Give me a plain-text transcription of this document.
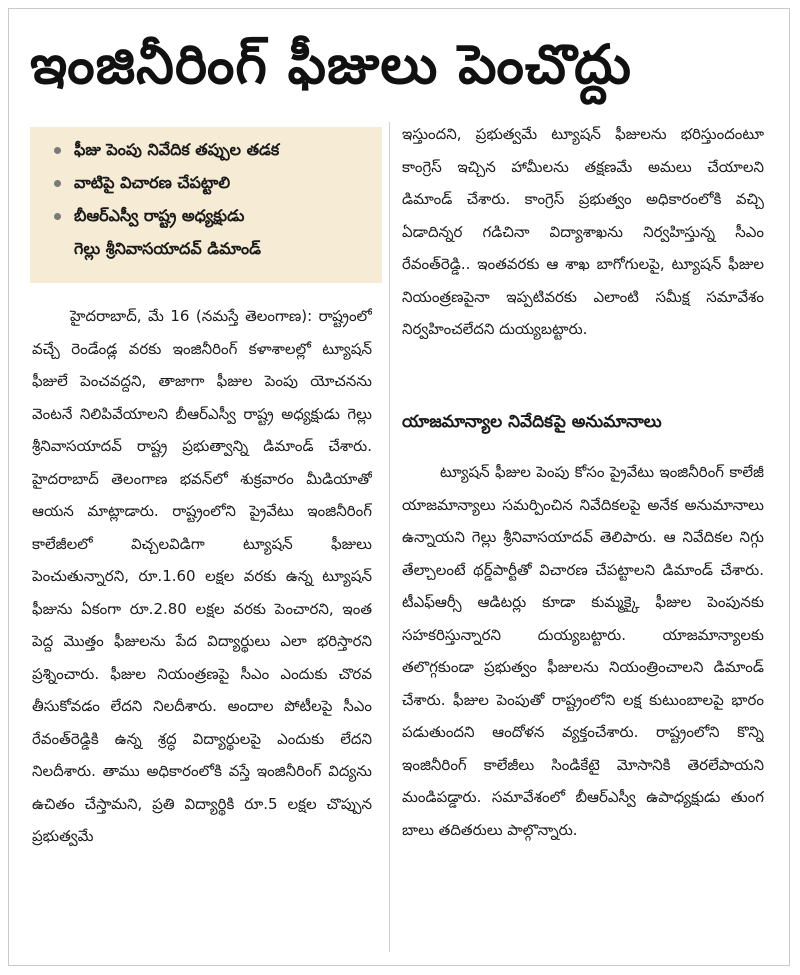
ఇంజినీరింగ్ ఫీజులు పెంచొద్దు
ఫీజు పెంపు నివేదిక తప్పుల తడక
వాటిపై విచారణ చేపట్టాలి
బీఆర్ఎస్వీ రాష్ట్ర అధ్యక్షుడు
గెల్లు శ్రీనివాసయాదవ్ డిమాండ్

హైదరాబాద్, మే 16 (నమస్తే తెలంగాణ): రాష్ట్రంలో వచ్చే రెండేండ్ల వరకు ఇంజినీరింగ్ కళాశాలల్లో ట్యూషన్ ఫీజులే పెంచవద్దని, తాజాగా ఫీజుల పెంపు యోచనను వెంటనే నిలిపివేయాలని బీఆర్ఎస్వీ రాష్ట్ర అధ్యక్షుడు గెల్లు శ్రీనివాసయాదవ్ రాష్ట్ర ప్రభుత్వాన్ని డిమాండ్ చేశారు. హైదరాబాద్ తెలంగాణ భవన్‌లో శుక్రవారం మీడియాతో ఆయన మాట్లాడారు. రాష్ట్రంలోని ప్రైవేటు ఇంజినీరింగ్ కాలేజీలలో విచ్చలవిడిగా ట్యూషన్ ఫీజులు పెంచుతున్నారని, రూ.1.60 లక్షల వరకు ఉన్న ట్యూషన్ ఫీజును ఏకంగా రూ.2.80 లక్షల వరకు పెంచారని, ఇంత పెద్ద మొత్తం ఫీజులను పేద విద్యార్థులు ఎలా భరిస్తారని ప్రశ్నించారు. ఫీజుల నియంత్రణపై సీఎం ఎందుకు చొరవ తీసుకోవడం లేదని నిలదీశారు. అందాల పోటీలపై సీఎం రేవంత్‌రెడ్డికి ఉన్న శ్రద్ధ విద్యార్థులపై ఎందుకు లేదని నిలదీశారు. తాము అధికారంలోకి వస్తే ఇంజినీరింగ్ విద్యను ఉచితం చేస్తామని, ప్రతి విద్యార్థికి రూ.5 లక్షల చొప్పున ప్రభుత్వమే

ఇస్తుందని, ప్రభుత్వమే ట్యూషన్ ఫీజులను భరిస్తుందంటూ కాంగ్రెస్ ఇచ్చిన హామీలను తక్షణమే అమలు చేయాలని డిమాండ్ చేశారు. కాంగ్రెస్ ప్రభుత్వం అధికారంలోకి వచ్చి ఏడాదిన్నర గడిచినా విద్యాశాఖను నిర్వహిస్తున్న సీఎం రేవంత్‌రెడ్డి.. ఇంతవరకు ఆ శాఖ బాగోగులపై, ట్యూషన్ ఫీజుల నియంత్రణపైనా ఇప్పటివరకు ఎలాంటి సమీక్ష సమావేశం నిర్వహించలేదని దుయ్యబట్టారు.

యాజమాన్యాల నివేదికపై అనుమానాలు

ట్యూషన్ ఫీజుల పెంపు కోసం ప్రైవేటు ఇంజినీరింగ్ కాలేజీ యాజమాన్యాలు సమర్పించిన నివేదికలపై అనేక అనుమానాలు ఉన్నాయని గెల్లు శ్రీనివాసయాదవ్ తెలిపారు. ఆ నివేదికల నిగ్గు తేల్చాలంటే థర్డ్‌పార్టీతో విచారణ చేపట్టాలని డిమాండ్ చేశారు. టీఎఫ్ఆర్సీ ఆడిటర్లు కూడా కుమ్మక్కై ఫీజుల పెంపునకు సహకరిస్తున్నారని దుయ్యబట్టారు. యాజమాన్యాలకు తలొగ్గకుండా ప్రభుత్వం ఫీజులను నియంత్రించాలని డిమాండ్ చేశారు. ఫీజుల పెంపుతో రాష్ట్రంలోని లక్ష కుటుంబాలపై భారం పడుతుందని ఆందోళన వ్యక్తంచేశారు. రాష్ట్రంలోని కొన్ని ఇంజినీరింగ్ కాలేజీలు సిండికేటై మోసానికి తెరలేపాయని మండిపడ్డారు. సమావేశంలో బీఆర్ఎస్వీ ఉపాధ్యక్షుడు తుంగ బాలు తదితరులు పాల్గొన్నారు.
